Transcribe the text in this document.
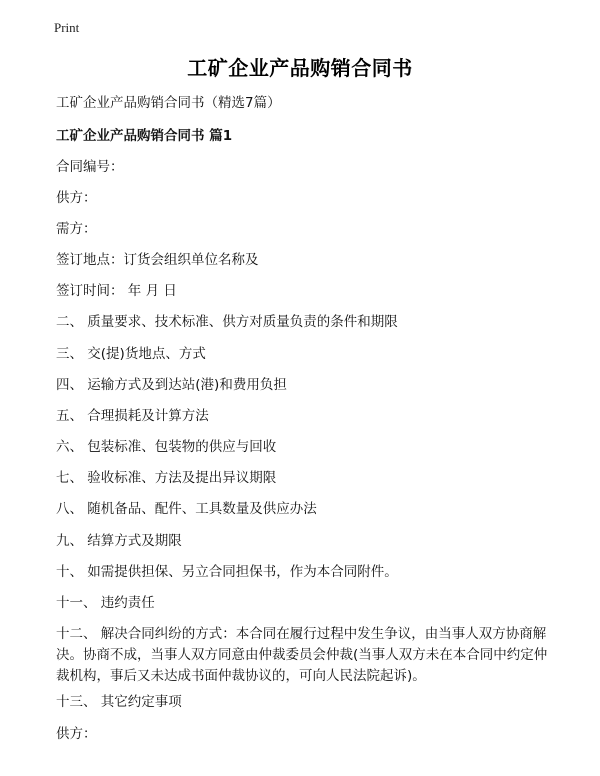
Print
工矿企业产品购销合同书
工矿企业产品购销合同书（精选7篇）
工矿企业产品购销合同书 篇1
合同编号：
供方：
需方：
签订地点：订货会组织单位名称及
签订时间： 年 月 日
二、 质量要求、技术标准、供方对质量负责的条件和期限
三、 交(提)货地点、方式
四、 运输方式及到达站(港)和费用负担
五、 合理损耗及计算方法
六、 包装标准、包装物的供应与回收
七、 验收标准、方法及提出异议期限
八、 随机备品、配件、工具数量及供应办法
九、 结算方式及期限
十、 如需提供担保、另立合同担保书，作为本合同附件。
十一、 违约责任
十二、 解决合同纠纷的方式：本合同在履行过程中发生争议，由当事人双方协商解决。协商不成，当事人双方同意由仲裁委员会仲裁(当事人双方未在本合同中约定仲裁机构，事后又未达成书面仲裁协议的，可向人民法院起诉)。
十三、 其它约定事项
供方：
